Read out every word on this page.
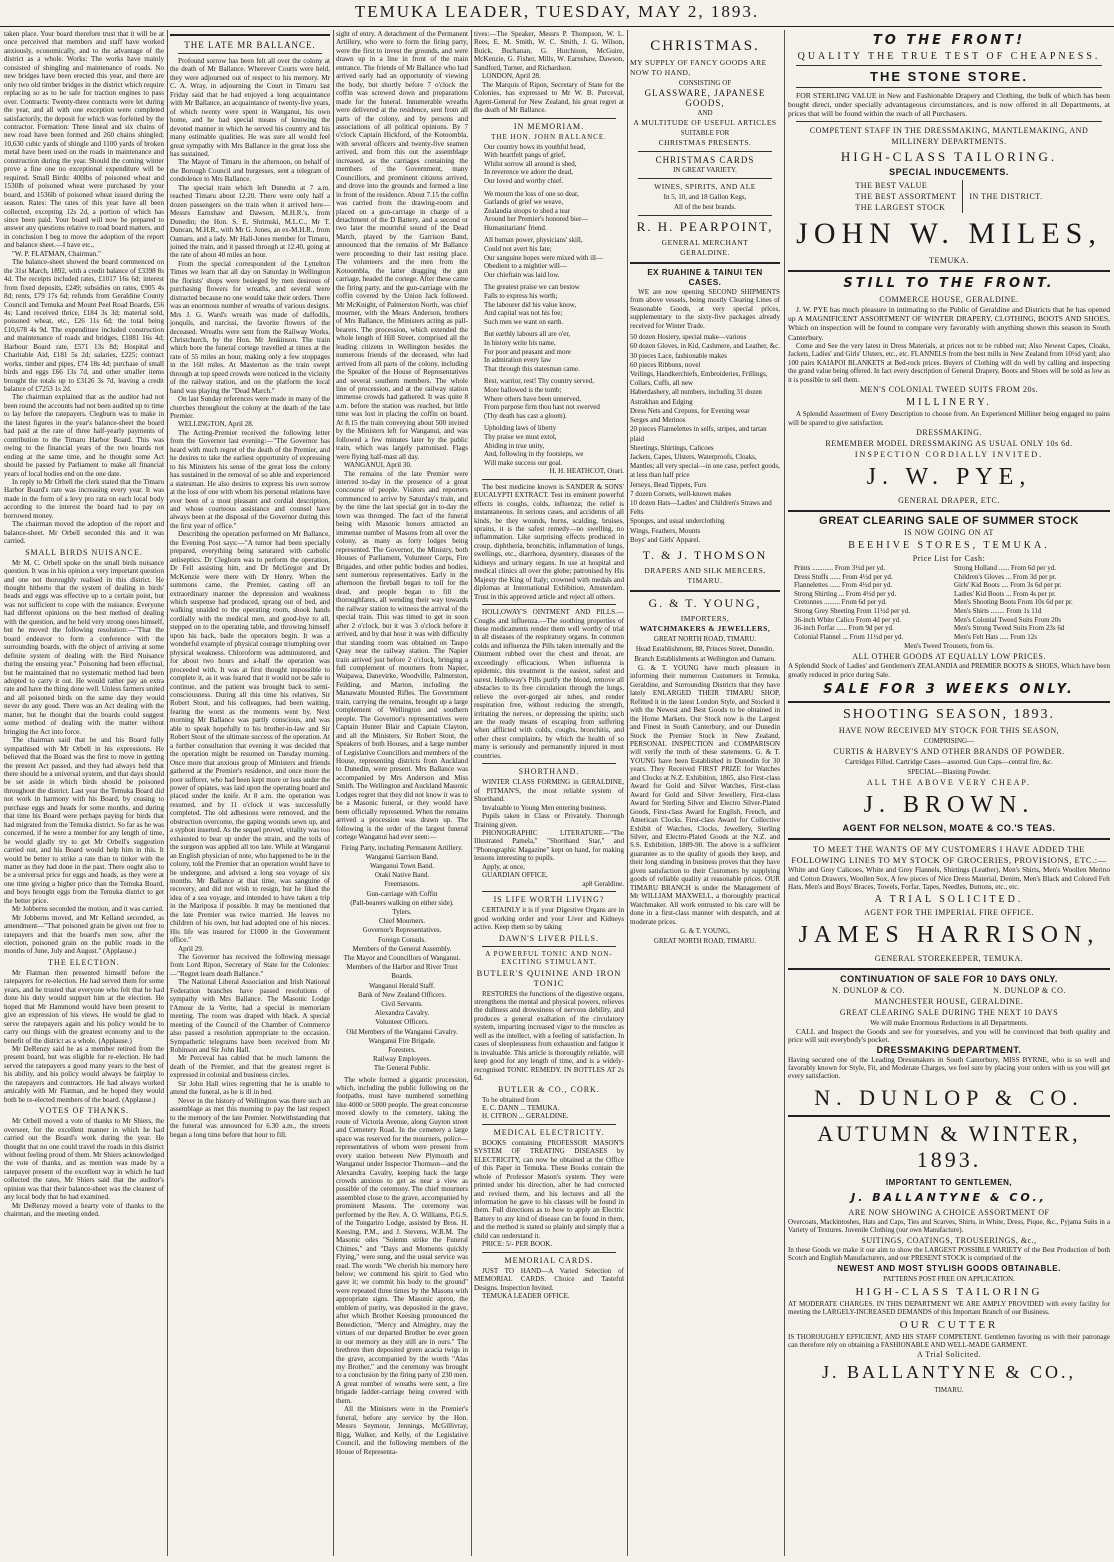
TEMUKA LEADER, TUESDAY, MAY 2, 1893.

taken place. Your board therefore trust that it will be at once perceived that members and staff have worked anxiously, economically, and to the advantage of the district as a whole. Works: The works have mainly consisted of shingling and maintenance of roads. No new bridges have been erected this year, and there are only two old timber bridges in the district which require replacing so as to be safe for traction engines to pass over. Contracts: Twenty-three contracts were let during the year, and all with one exception were completed satisfactorily, the deposit for which was forfeited by the contractor. Formation: Three lineal and six chains of new road have been formed and 260 chains shingled; 10,630 cubic yards of shingle and 1100 yards of broken metal have been used on the roads in maintenance and construction during the year. Should the coming winter prove a fine one no exceptional expenditure will be required. Small Birds: 400lbs of poisoned wheat and 1530lb of poisoned wheat were purchased by your board, and 1536lb of poisoned wheat issued during the season. Rates: The rates of this year have all been collected, excepting 12s 2d, a portion of which has since been paid. Your board will now be prepared to answer any questions relative to road board matters, and in conclusion I beg to move the adoption of the report and balance sheet.—I have etc.,

"W. P. FLATMAN, Chairman."

The balance-sheet showed the board commenced on the 31st March, 1892, with a credit balance of £3398 8s 4d. The receipts included rates, £1017 16s 6d; interest from fixed deposits, £249; subsidies on rates, £905 4s 8d; rents, £79 17s 6d; refunds from Geraldine County Council and Temuka and Mount Peel Road Boards, £56 4s; Land received thrice, £184 3s 3d; material sold, poisoned wheat, etc., £26 11s 6d; the total being £10,678 4s 9d. The expenditure included construction and maintenance of roads and bridges, £1881 16s 4d; Harbour Board rate, £571 13s 8d; Hospital and Charitable Aid, £181 5s 2d; salaries, £225; contract works, timber and pipes, £74 18s 4d; purchase of small birds and eggs £66 13s 7d, and other smaller items brought the totals up to £3126 3s 7d, leaving a credit balance of £7253 1s 2d.

The chairman explained that as the auditor had not been round the accounts had not been audited up to time to lay before the ratepayers. Clegburn was to make in the latest figures in the year's balance-sheet the board had paid at the rate of three half-yearly payments of contribution to the Timaru Harbor Board. This was owing to the financial years of the two boards not ending at the same time, and he thought some Act should be passed by Parliament to make all financial years of local bodies end on the one date.

In reply to Mr Orbell the clerk stated that the Timaru Harbor Board's rate was increasing every year. It was made in the form of a levy pro rata on each local body according to the interest the board had to pay on borrowed money.

The chairman moved the adoption of the report and balance-sheet. Mr Orbell seconded this and it was carried.

SMALL BIRDS NUISANCE.

Mr M. C. Orbell spoke on the small birds nuisance question. It was in his opinion a very important question and one not thoroughly realised in this district. He thought hitherto that the system of dealing in birds' heads and eggs was effective up to a certain point, but was not sufficient to cope with the nuisance. Everyone had different opinions on the best method of dealing with the question, and he held very strong ones himself, but he moved the following resolution:—"That the board endeavor to form a conference with the surrounding boards, with the object of arriving at some definite system of dealing with the Bird Nuisance during the ensuing year." Poisoning had been effectual, but he maintained that no systematic method had been adopted to carry it out. He would rather pay an extra rate and have the thing done well. Unless farmers united and all poisoned birds on the same day they would never do any good. There was an Act dealing with the matter, but he thought that the boards could suggest some method of dealing with the matter without bringing the Act into force.

The chairman said that he and his Board fully sympathised with Mr Orbell in his expressions. He believed that the Board was the first to move in getting the present Act passed, and they had always held that there should be a universal system, and that days should be set aside in which birds should be poisoned throughout the district. Last year the Temuka Board did not work in harmony with his Board, by ceasing to purchase eggs and heads for some months, and during that time his Board were perhaps paying for birds that had migrated from the Temuka district. So far as he was concerned, if he were a member for any length of time, he would gladly try to get Mr Orbell's suggestion carried out, and his Board would help him in this. It would be better to strike a rate than to tinker with the matter as they had done in the past. There ought also to be a universal price for eggs and heads, as they were at one time giving a higher price than the Temuka Board, and boys brought eggs from the Temuka district to get the better price.

Mr Jobberns seconded the motion, and it was carried.

Mr Jobberns moved, and Mr Kelland seconded, as amendment—"That poisoned grain be given out free to ratepayers and that the board's men sow, after the election, poisoned grain on the public roads in the months of June, July and August." (Applause.)

THE ELECTION.

Mr Flatman then presented himself before the ratepayers for re-election. He had served them for some years, and he trusted that everyone who felt that he had done his duty would support him at the election. He hoped that Mr Hammond would have been present to give an expression of his views. He would be glad to serve the ratepayers again and his policy would be to carry out things with the greatest economy and to the benefit of the district as a whole. (Applause.)

Mr DeRenzy said he as a member retired from the present board, but was eligible for re-election. He had served the ratepayers a good many years to the best of his ability, and his policy would always be fairplay to the ratepayers and contractors. He had always worked amicably with Mr Flatman, and he hoped they would both be re-elected members of the board. (Applause.)

VOTES OF THANKS.

Mr Orbell moved a vote of thanks to Mr Shiers, the overseer, for the excellent manner in which he had carried out the Board's work during the year. He thought that no one could travel the roads in this district without feeling proud of them. Mr Shiers acknowledged the vote of thanks, and as mention was made by a ratepayer present of the excellent way in which he had collected the rates, Mr Shiers said that the auditor's opinion was that their balance-sheet was the cleanest of any local body that he had examined.

Mr DeRenzy moved a hearty vote of thanks to the chairman, and the meeting ended.

THE LATE MR BALLANCE.

Profound sorrow has been felt all over the colony at the death of Mr Ballance. Wherever Courts were held, they were adjourned out of respect to his memory. Mr C. A. Wray, in adjourning the Court in Timaru last Friday said that he had enjoyed a long acquaintance with Mr Ballance, an acquaintance of twenty-five years, of which twenty were spent in Wanganui, his own home, and he had special means of knowing the devoted manner in which he served his country and his many estimable qualities. He was sure all would feel great sympathy with Mrs Ballance in the great loss she has sustained.

The Mayor of Timaru in the afternoon, on behalf of the Borough Council and burgesses, sent a telegram of condolence to Mrs Ballance.

The special train which left Dunedin at 7 a.m. reached Timaru about 12.20. There were only half a dozen passengers on the train when it arrived here—Messrs Earnshaw and Dawson, M.H.R.'s, from Dunedin; the Hon. S. E. Shrimski, M.L.C., Mr T. Duncan, M.H.R., with Mr G. Jones, an ex-M.H.R., from Oamaru, and a lady. Mr Hall-Jones member for Timaru, joined the train, and it passed through at 12.40, going at the rate of about 40 miles an hour.

From the special correspondent of the Lyttelton Times we learn that all day on Saturday in Wellington the florists' shops were besieged by men desirous of purchasing flowers for wreaths, and several were distracted because no one would take their orders. There was an enormous number of wreaths of various designs. Mrs J. G. Ward's wreath was made of daffodils, jonquils, and narcissi, the favorite flowers of the deceased. Wreaths were sent from the Railway Works, Christchurch, by the Hon. Mr Jenkinson. The train which bore the funeral cortege travelled at times at the rate of 55 miles an hour, making only a few stoppages in the 160 miles. At Masterton as the train swept through at top speed crowds were noticed in the vicinity of the railway station, and on the platform the local band was playing the "Dead March."

On last Sunday references were made in many of the churches throughout the colony at the death of the late Premier.

WELLINGTON, April 28.

The Acting-Premier received the following letter from the Governor last evening:—"The Governor has heard with much regret of the death of the Premier, and he desires to take the earliest opportunity of expressing to his Ministers his sense of the great loss the colony has sustained in the removal of so able and experienced a statesman. He also desires to express his own sorrow at the loss of one with whom his personal relations have ever been of a most pleasant and cordial description, and whose courteous assistance and counsel have always been at the disposal of the Governor during this the first year of office."

Describing the operation performed on Mr Ballance, the Evening Post says:—"A tumor had been specially prepared, everything being saturated with carbolic antiseptics. Dr Cleghorn was to perform the operation, Dr Fell assisting him, and Dr McGregor and Dr McKenzie were there with Dr Henry. When the summons came, the Premier, casting off an extraordinary manner the depression and weakness which suspense had produced, sprang out of bed, and walking unaided to the operating room, shook hands cordially with the medical men, and good-bye to all, stepped on to the operating table, and throwing himself upon his back, bade the operators begin. It was a wonderful example of physical courage triumphing over physical weakness. Chloroform was administered, and for about two hours and a-half the operation was proceeded with. It was at first thought impossible to complete it, as it was feared that it would not be safe to continue, and the patient was brought back to semi-consciousness. During all this time his relatives, Sir Robert Stout, and his colleagues, had been waiting, fearing the worst as the moments went by. Next morning Mr Ballance was partly conscious, and was able to speak hopefully to his brother-in-law and Sir Robert Stout of the ultimate success of the operation. At a further consultation that evening it was decided that the operation might be resumed on Tuesday morning. Once more that anxious group of Ministers and friends gathered at the Premier's residence, and once more the poor sufferer, who had been kept more or less under the power of opiates, was laid upon the operating board and placed under the knife. At 8 a.m. the operation was resumed, and by 11 o'clock it was successfully completed. The old adhesions were removed, and the obstruction overcome, the gaping wounds sewn up, and a syphon inserted. As the sequel proved, vitality was too exhausted to bear up under the strain, and the toils of the surgeon was applied all too late. While at Wanganui an English physician of note, who happened to be in the colony, told the Premier that an operation would have to be undergone, and advised a long sea voyage of six months. Mr Ballance at that time, was sanguine of recovery, and did not wish to resign, but he liked the idea of a sea voyage, and intended to have taken a trip in the Mariposa if possible. It may be mentioned that the late Premier was twice married. He leaves no children of his own, but had adopted one of his nieces. His life was insured for £1000 in the Government office."

April 29.

The Governor has received the following message from Lord Ripon, Secretary of State for the Colonies:—"Regret learn death Ballance."

The National Liberal Association and Irish National Federation branches have passed resolutions of sympathy with Mrs Ballance. The Masonic Lodge l'Amour de la Verite, had a special in memoriam meeting. The room was draped with black. A special meeting of the Council of the Chamber of Commerce also passed a resolution appropriate to the occasion. Sympathetic telegrams have been received from Mr Robinson and Sir John Hall.

Mr Perceval has cabled that he much laments the death of the Premier, and that the greatest regret is expressed in colonial and business circles.

Sir John Hall wires regretting that he is unable to attend the funeral, as he is ill in bed.

Never in the history of Wellington was there such an assemblage as met this morning to pay the last respect to the memory of the late Premier. Notwithstanding that the funeral was announced for 6.30 a.m., the streets began a long time before that hour to fill.

sight of entry. A detachment of the Permanent Artillery, who were to form the firing party, were the first to invest the grounds, and were drawn up in a line in front of the main entrance. The friends of Mr Ballance who had arrived early had an opportunity of viewing the body, but shortly before 7 o'clock the coffin was screwed down and preparations made for the funeral. Innumerable wreaths were delivered at the residence, sent from all parts of the colony, and by persons and associations of all political opinions. By 7 o'clock Captain Hickford, of the Kotoombla, with several officers and twenty-five seamen arrived, and from this out the assemblage increased, as the carriages containing the members of the Government, many Councillors, and prominent citizens arrived, and drove into the grounds and formed a line in front of the residence. About 7.15 the coffin was carried from the drawing-room and placed on a gun-carriage in charge of a detachment of the D Battery, and a second or two later the mournful sound of the Dead March, played by the Garrison Band, announced that the remains of Mr Ballance were proceeding to their last resting place. The volunteers and the men from the Kotoombla, the latter dragging the gun carriage, headed the cortege. After these came the firing party, and the gun-carriage with the coffin covered by the Union Jack followed. Mr McKnight, of Palmerston North, was chief mourner, with the Mears Anderson, brothers of Mrs Ballance, the Ministers acting as pall-bearers. The procession, which extended the whole length of Hill Street, comprised all the leading citizens in Wellington besides the numerous friends of the deceased, who had arrived from all parts of the colony, including the Speaker of the House of Representatives and several southern members. The whole line of procession, and at the railway station immense crowds had gathered. It was quite 8 a.m. before the station was reached, but little time was lost in placing the coffin on board. At 8.15 the train conveying about 500 invited by the Ministers left for Wanganui, and was followed a few minutes later by the public train, which was largely patronised. Flags were flying half-mast all day.

WANGANUI, April 30.

The remains of the late Premier were interred to-day in the presence of a great concourse of people. Visitors and reporters commenced to arrive by Saturday's train, and by the time the last special got in to-day the town was thronged. The fact of the funeral being with Masonic honors attracted an immense number of Masons from all over the colony, as many as forty lodges being represented. The Governor, the Ministry, both Houses of Parliament, Volunteer Corps, Fire Brigades, and other public bodies and bodies, sent numerous representatives. Early in the afternoon the fireball began to toll for the dead, and people began to fill the thoroughfares, all wending their way towards the railway station to witness the arrival of the special train. This was timed to get in soon after 2 o'clock, but it was 3 o'clock before it arrived, and by that hour it was with difficulty that standing room was obtained on Taupo Quay near the railway station. The Napier train arrived just before 2 o'clock, bringing a full complement of mourners from Napier, Waipawa, Danevirke, Woodville, Palmerston, Feilding, and Marton, including the Manawatu Mounted Rifles. The Government train, carrying the remains, brought up a large complement of Wellington and southern people. The Governor's representatives were Captain Hunter Blair and Captain Clayton, and all the Ministers, Sir Robert Stout, the Speakers of both Houses, and a large number of Legislative Councillors and members of the House, representing districts from Auckland to Dunedin, were present. Mrs Ballance was accompanied by Mrs Anderson and Miss Smith. The Wellington and Auckland Masonic Lodges regret that they did not know it was to be a Masonic funeral, or they would have been officially represented. When the remains arrived a procession was drawn up. The following is the order of the largest funeral cortege Wanganui had ever seen:—

Firing Party, including Permanent Artillery.

Wanganui Garrison Band.

Wanganui Town Band.

Otaki Native Band.

Freemasons.

Gun-carriage with Coffin

(Pall-bearers walking on either side).

Tylers.

Chief Mourners.

Governor's Representatives.

Foreign Consuls.

Members of the General Assembly.

The Mayor and Councillors of Wanganui.

Members of the Harbor and River Trust Boards.

Wanganui Herald Staff.

Bank of New Zealand Officers.

Civil Servants.

Alexandra Cavalry.

Volunteer Officers.

Old Members of the Wanganui Cavalry.

Wanganui Fire Brigade.

Foresters.

Railway Employees.

The General Public.

The whole formed a gigantic procession, which, including the public following on the footpaths, must have numbered something like 4000 or 5000 people. The great concourse moved slowly to the cemetery, taking the route of Victoria Avenue, along Guyton street and Cemetery Road. In the cemetery a large space was reserved for the mourners, police—representatives of whom were present from every station between New Plymouth and Wanganui under Inspector Thomson—and the Alexandra Cavalry, keeping back the large crowds anxious to get as near a view as possible of the ceremony. The chief mourners assembled close to the grave, accompanied by prominent Masons. The ceremony was performed by the Rev. A. O. Williams, P.G.S. of the Tongariro Lodge, assisted by Bros. H. Keesing, P.M., and J. Stevens, W.R.M. The Masonic odes "Solemn strike the Funeral Chimes," and "Days and Moments quickly Flying," were sung, and the usual service was read. The words "We cherish his memory here below; we commend his spirit to God who gave it; we commit his body to the ground" were repeated three times by the Masons with appropriate signs. The Masonic apron, the emblem of purity, was deposited in the grave, after which Brother Keesing pronounced the Benediction, "Mercy and Almighty, may the virtues of our departed Brother be ever green in our memory as they still are in ours." The brethren then deposited green acacia twigs in the grave, accompanied by the words "Alas my Brother," and the ceremony was brought to a conclusion by the firing party of 230 men. A great number of wreaths were sent, a fire brigade ladder-carriage being covered with them.

All the Ministers were in the Premier's funeral, before any service by the Hon. Messrs Seymour, Jennings, McGillivray, Rigg, Walker, and Kelly, of the Legislative Council, and the following members of the House of Representa-

tives:—The Speaker, Messrs P. Thompson, W. L. Rees, E. M. Smith, W. C. Smith, J. G. Wilson, Buick, Buchanan, G. Hutchison, McGuire, McKenzie, G. Fisher, Mills, W. Earnshaw, Dawson, Sandford, Turner, and Richardson.

LONDON, April 28.

The Marquis of Ripon, Secretary of State for the Colonies, has expressed to Mr W. B. Perceval, Agent-General for New Zealand, his great regret at the death of Mr Ballance.

IN MEMORIAM.
THE HON. JOHN BALLANCE.

Our country bows its youthful head,

With heartfelt pangs of grief,

Whilst sorrow all around is shed,

In reverence we adore the dead,

Our loved and worthy chief.

We mourn the loss of one so dear,

Garlands of grief we weave,

Zealandia stoops to shed a tear

Around her Premier's honored bier—

Humanitarians' friend.

All human power, physicians' skill,

Could not avert his fate;

Our sanguine hopes were mixed with ill—

Obedient to a mightier will—

Our chieftain was laid low.

The greatest praise we can bestow

Falls to express his worth;

The labourer did his value know,

And capital was not his foe;

Such men we want on earth.

But earthly labours all are o'er,

In history write his name,

For poor and peasant and more

In admiration every law

That through this statesman came.

Rest, warrior, rest! Thy country served,

More hallowed is the tomb;

Where others have been unnerved,

From purpose firm thou hast not swerved

(Thy death has cast a gloom).

Upholding laws of liberty

Thy praise we must extol,

Abiding in true unity,

And, following in thy footsteps, we

Will make success our goal.

H. H. HEATHCOT, Orari.

The best medicine known is SANDER & SONS' EUCALYPTI EXTRACT. Test its eminent powerful effects in coughs, colds, influenza; the relief is instantaneous. In serious cases, and accidents of all kinds, be they wounds, burns, scalding, bruises, sprains, it is the safest remedy—no swelling, no inflammation. Like surprising effects produced in croup, diphtheria, bronchitis, inflammation of lungs, swellings, etc., diarrhoea, dysentery, diseases of the kidneys and urinary organs. In use at hospital and medical clinics all over the globe; patronised by His Majesty the King of Italy; crowned with medals and diplomas at International Exhibition, Amsterdam. Trust in this approved article and reject all others.

HOLLOWAY'S OINTMENT AND PILLS.—Coughs and influenza.—The soothing properties of these medicaments render them well worthy of trial in all diseases of the respiratory organs. In common colds and influenza the Pills taken internally and the Ointment rubbed over the chest and throat, are exceedingly efficacious. When influenza is epidemic, this treatment is the easiest, safest and surest. Holloway's Pills purify the blood, remove all obstacles to its free circulation through the lungs, relieve the over-gorged air tubes, and render respiration free, without reducing the strength, irritating the nerves, or depressing the spirits; such are the ready means of escaping from suffering when afflicted with colds, coughs, bronchitis, and other chest complaints, by which the health of so many is seriously and permanently injured in most countries.

SHORTHAND.

WINTER CLASS FORMING in GERALDINE, of PITMAN'S, the most reliable system of Shorthand.

Invaluable to Young Men entering business.

Pupils taken in Class or Privately. Thorough Training given.

PHONOGRAPHIC LITERATURE—"The Illustrated Pamela," "Shorthand Star," and "Phonographic Magazine" kept on hand, for making lessons interesting to pupils.

Apply, at once,

GUARDIAN OFFICE,

ap8 Geraldine.

IS LIFE WORTH LIVING?

CERTAINLY it is if your Digestive Organs are in good working order and your Liver and Kidneys active. Keep them so by taking

DAWN'S LIVER PILLS.
A POWERFUL TONIC AND NON-EXCITING STIMULANT.
BUTLER'S QUININE AND IRON TONIC

RESTORES the functions of the digestive organs, strengthens the mental and physical powers, relieves the dullness and drowsiness of nervous debility, and produces a general exaltation of the circulatory system, imparting increased vigor to the muscles as well as the intellect, with a feeling of satisfaction. In cases of sleeplessness from exhaustion and fatigue it is invaluable. This article is thoroughly reliable, will keep good for any length of time, and is a widely-recognised TONIC REMEDY. IN BOTTLES AT 2s 6d.

BUTLER & CO., CORK.

To be obtained from

E. C. DANN ... TEMUKA.

H. CITRON ... GERALDINE.

MEDICAL ELECTRICITY.

BOOKS containing PROFESSOR MASON'S SYSTEM OF TREATING DISEASES by ELECTRICITY, can now be obtained at the Office of this Paper in Temuka. These Books contain the whole of Professor Mason's system. They were printed under his direction, after he had corrected and revised them, and his lectures and all the information he gave to his classes will be found in them. Full directions as to how to apply an Electric Battery to any kind of disease can be found in them, and the method is stated so plainly and simply that a child can understand it.

PRICE: 5/- PER BOOK.

MEMORIAL CARDS.

JUST TO HAND—A Varied Selection of MEMORIAL CARDS. Choice and Tasteful Designs. Inspection Invited.

TEMUKA LEADER OFFICE.

CHRISTMAS.
MY SUPPLY OF FANCY GOODS ARE NOW TO HAND,
CONSISTING OF
GLASSWARE, JAPANESE GOODS,
AND
A MULTITUDE OF USEFUL ARTICLES
SUITABLE FOR
CHRISTMAS PRESENTS.
CHRISTMAS CARDS
IN GREAT VARIETY.
WINES, SPIRITS, AND ALE
In 5, 10, and 18 Gallon Kegs,
All of the best brands.
R. H. PEARPOINT,
GENERAL MERCHANT
GERALDINE.
EX RUAHINE & TAINUI TEN CASES.

WE are now opening SECOND SHIPMENTS from above vessels, being mostly Clearing Lines of Seasonable Goods, at very special prices, supplementary to the sixty-five packages already received for Winter Trade.

50 dozen Hosiery, special make—various

60 dozen Gloves, in Kid, Cashmere, and Leather, &c.

30 pieces Lace, fashionable makes

60 pieces Ribbons, novel

Veilings, Handkerchiefs, Embroideries, Frillings, Collars, Cuffs, all new

Haberdashery, all numbers, including 31 dozen Astrakhan and Edging

Dress Nets and Crepons, for Evening wear

Serges and Merinos

20 pieces Flannelettes in selfs, stripes, and tartan plaid

Sheetings, Shirtings, Calicoes

Jackets, Capes, Ulsters, Waterproofs, Cloaks, Mantles; all very special—in one case, perfect goods, at less than half price

Jerseys, Bead Tippets, Furs

7 dozen Corsets, well-known makes

10 dozen Hats—Ladies' and Children's Straws and Felts

Sponges, and usual underclothing

Wings, Feathers, Mounts

Boys' and Girls' Apparel.

T. & J. THOMSON
DRAPERS AND SILK MERCERS,
TIMARU.
G. & T. YOUNG,
IMPORTERS,
WATCHMAKERS & JEWELLERS,
GREAT NORTH ROAD, TIMARU.
Head Establishment, 88, Princes Street, Dunedin.
Branch Establishments at Wellington and Oamaru.

G. & T. YOUNG have much pleasure in informing their numerous Customers in Temuka, Geraldine, and Surrounding Districts that they have lately ENLARGED THEIR TIMARU SHOP, Refitted it in the latest London Style, and Stocked it with the Newest and Best Goods to be obtained in the Home Markets. Our Stock now is the Largest and Finest in South Canterbury, and our Dunedin Stock the Premier Stock in New Zealand, PERSONAL INSPECTION and COMPARISON will verify the truth of these statements. G. & T. YOUNG have been Established in Dunedin for 30 years. They Received FIRST PRIZE for Watches and Clocks at N.Z. Exhibition, 1865, also First-class Award for Gold and Silver Watches, First-class Award for Gold and Silver Jewellery, First-class Award for Sterling Silver and Electro Silver-Plated Goods, First-class Award for English, French, and American Clocks. First-class Award for Collective Exhibit of Watches, Clocks, Jewellery, Sterling Silver, and Electro-Plated Goods at the N.Z. and S.S. Exhibition, 1889-90. The above is a sufficient guarantee as to the quality of goods they keep, and their long standing in business proves that they have given satisfaction to their Customers by supplying goods of reliable quality at reasonable prices. OUR TIMARU BRANCH is under the Management of Mr WILLIAM MAXWELL, a thoroughly practical Watchmaker. All work entrusted to his care will be done in a first-class manner with despatch, and at moderate prices.

G. & T. YOUNG,
GREAT NORTH ROAD, TIMARU.
TO THE FRONT!
QUALITY THE TRUE TEST OF CHEAPNESS.
THE STONE STORE.

FOR STERLING VALUE in New and Fashionable Drapery and Clothing, the bulk of which has been bought direct, under specially advantageous circumstances, and is now offered in all Departments, at prices that will be found within the reach of all Purchasers.

COMPETENT STAFF IN THE DRESSMAKING, MANTLEMAKING, AND MILLINERY DEPARTMENTS.
HIGH-CLASS TAILORING.
SPECIAL INDUCEMENTS.
THE BEST VALUE
THE BEST ASSORTMENT
THE LARGEST STOCK
IN THE DISTRICT.
JOHN W. MILES,
TEMUKA.
STILL TO THE FRONT.
COMMERCE HOUSE, GERALDINE.

J. W. PYE has much pleasure in intimating to the Public of Geraldine and Districts that he has opened up A MAGNIFICENT ASSORTMENT OF WINTER DRAPERY, CLOTHING, BOOTS AND SHOES, Which on inspection will be found to compare very favorably with anything shown this season in South Canterbury.

Come and See the very latest in Dress Materials, at prices not to be rubbed out; Also Newest Capes, Cloaks, Jackets, Ladies' and Girls' Ulsters, etc., etc. FLANNELS from the best mills in New Zealand from 10½d yard; also 100 pairs KAIAPOI BLANKETS at Bed-rock prices. Buyers of Clothing will do well by calling and inspecting the grand value being offered. In fact every description of General Drapery, Boots and Shoes will be sold as low as it is possible to sell them.

MEN'S COLONIAL TWEED SUITS FROM 20s.
MILLINERY.

A Splendid Assortment of Every Description to choose from. An Experienced Milliner being engaged no pains will be spared to give satisfaction.

DRESSMAKING.
REMEMBER MODEL DRESSMAKING AS USUAL ONLY 10s 6d.
INSPECTION CORDIALLY INVITED.
J. W. PYE,
GENERAL DRAPER, ETC.
GREAT CLEARING SALE OF SUMMER STOCK
IS NOW GOING ON AT
BEEHIVE STORES, TEMUKA.
Price List for Cash:
Prints ............ From 3½d per yd.
Dress Stuffs ...... From 4½d per yd.
Flannelettes ...... From 4½d per yd.
Strong Shirting ... From 4½d per yd.
Cretonnes ......... From 6d per yd.
Strong Grey Sheeting From 11½d per yd.
36-inch White Calico From 4d per yd.
36-inch Forfar ...... From 9d per yd.
Colonial Flannel ... From 11½d per yd.
Strong Holland ...... From 6d per yd.
Children's Gloves ... From 3d per pr.
Girls' Kid Boots .... From 3s 6d per pr.
Ladies' Kid Boots ... From 4s per pr.
Men's Shooting Boots From 10s 6d per pr.
Men's Shirts ........ From 1s 11d
Men's Colonial Tweed Suits From 20s
Men's Strong Tweed Suits From 23s 6d
Men's Felt Hats ..... From 12s
Men's Tweed Trousers, from 6s.
ALL OTHER GOODS AT EQUALLY LOW PRICES.

A Splendid Stock of Ladies' and Gentlemen's ZEALANDIA and PREMIER BOOTS & SHOES, Which have been greatly reduced in price during Sale.

SALE FOR 3 WEEKS ONLY.
SHOOTING SEASON, 1893.
HAVE NOW RECEIVED MY STOCK FOR THIS SEASON,
COMPRISING—
CURTIS & HARVEY'S AND OTHER BRANDS OF POWDER.
Cartridges Filled. Cartridge Cases—assorted. Gun Caps—central fire, &c.
SPECIAL—Blasting Powder.
ALL THE ABOVE VERY CHEAP.
J. BROWN.
AGENT FOR NELSON, MOATE & CO.'S TEAS.
TO MEET THE WANTS OF MY CUSTOMERS I HAVE ADDED THE FOLLOWING LINES TO MY STOCK OF GROCERIES, PROVISIONS, ETC.:—

White and Grey Calicoes, White and Grey Flannels, Shirtings (Leather), Men's Shirts, Men's Woollen Merino and Cotton Drawers, Woollen Sox, A few pieces of Nice Dress Material, Denim, Men's Black and Colored Felt Hats, Men's and Boys' Braces, Towels, Forfar, Tapes, Needles, Buttons, etc., etc.

A TRIAL SOLICITED.
AGENT FOR THE IMPERIAL FIRE OFFICE.
JAMES HARRISON,
GENERAL STOREKEEPER, TEMUKA.
CONTINUATION OF SALE FOR 10 DAYS ONLY.
N. DUNLOP & CO.	N. DUNLOP & CO.
MANCHESTER HOUSE, GERALDINE.
GREAT CLEARING SALE DURING THE NEXT 10 DAYS
We will make Enormous Reductions in all Departments.

CALL and Inspect the Goods and see for yourselves, and you will be convinced that both quality and price will suit everybody's pocket.

DRESSMAKING DEPARTMENT.

Having secured one of the Leading Dressmakers in South Canterbury, MISS BYRNE, who is so well and favorably known for Style, Fit, and Moderate Charges, we feel sure by placing your orders with us you will get every satisfaction.

N. DUNLOP & CO.
AUTUMN & WINTER, 1893.
IMPORTANT TO GENTLEMEN,
J. BALLANTYNE & CO.,
ARE NOW SHOWING A CHOICE ASSORTMENT OF

Overcoats, Mackintoshes, Hats and Caps, Ties and Scarves, Shirts, in White, Dress, Pique, &c., Pyjama Suits in a Variety of Textures. Juvenile Clothing (our own Manufacture).

SUITINGS, COATINGS, TROUSERINGS, &c.,

In these Goods we make it our aim to show the LARGEST POSSIBLE VARIETY of the Best Production of both Scotch and English Manufacturers, and our PRESENT STOCK is comprised of the

NEWEST AND MOST STYLISH GOODS OBTAINABLE.
PATTERNS POST FREE ON APPLICATION.
HIGH-CLASS TAILORING

AT MODERATE CHARGES. IN THIS DEPARTMENT WE ARE AMPLY PROVIDED with every facility for meeting the LARGELY-INCREASED DEMANDS of this Important Branch of our Business.

OUR CUTTER

IS THOROUGHLY EFFICIENT, AND HIS STAFF COMPETENT. Gentlemen favoring us with their patronage can therefore rely on obtaining a FASHIONABLE AND WELL-MADE GARMENT.

A Trial Solicited.
J. BALLANTYNE & CO.,
TIMARU.
